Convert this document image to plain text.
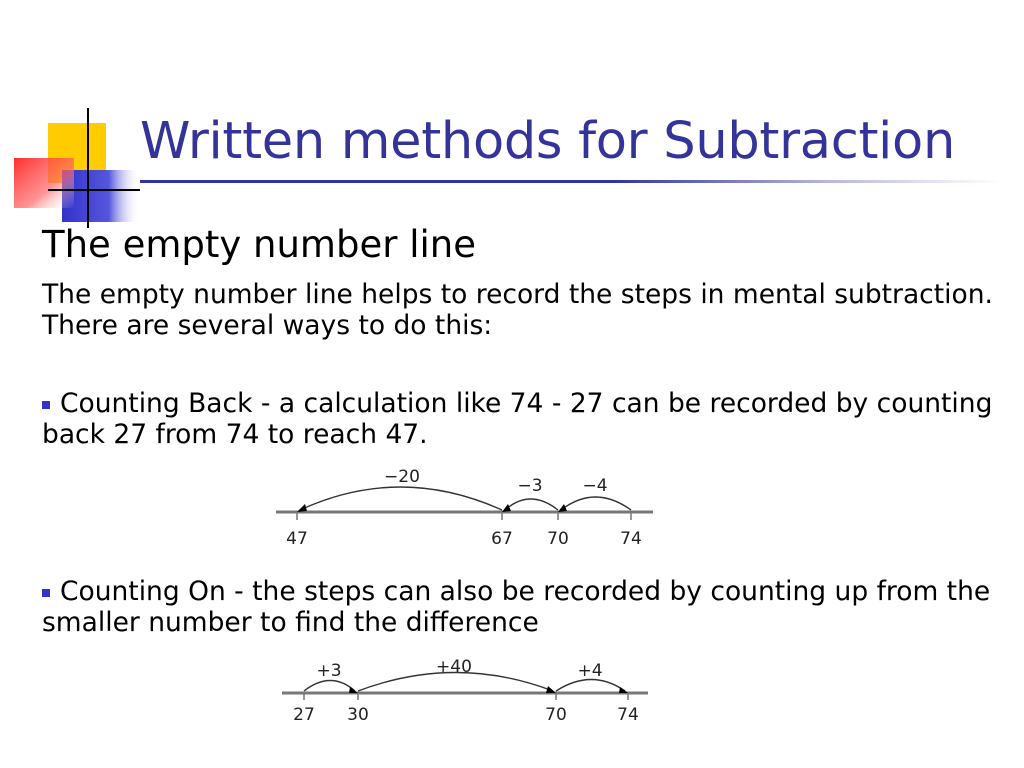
Written methods for Subtraction
The empty number line
The empty number line helps to record the steps in mental subtraction. There are several ways to do this:
Counting Back - a calculation like 74 - 27 can be recorded by counting back 27 from 74 to reach 47.
−20	−3 −4
47	67 70	74
Counting On - the steps can also be recorded by counting up from the smaller number to find the difference
+3	+40	+4
27 30	70	74
